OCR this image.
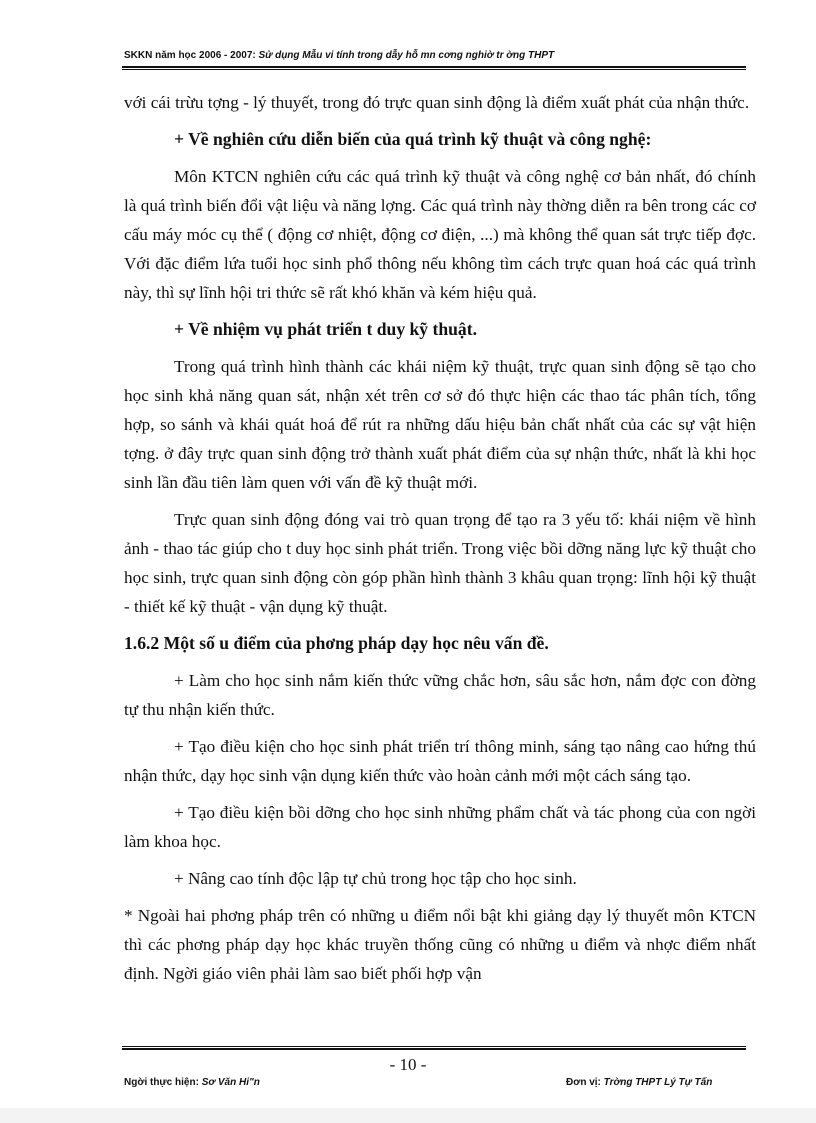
SKKN năm học 2006 - 2007: Sử dụng Mẫu vi tính trong dẫy hỗ mn cơng nghiờ tr ờng THPT

với cái trừu tợng - lý thuyết, trong đó trực quan sinh động là điểm xuất phát của nhận thức.

+ Về nghiên cứu diễn biến của quá trình kỹ thuật và công nghệ:

Môn KTCN nghiên cứu các quá trình kỹ thuật và công nghệ cơ bản nhất, đó chính là quá trình biến đổi vật liệu và năng lợng. Các quá trình này thờng diễn ra bên trong các cơ cấu máy móc cụ thể ( động cơ nhiệt, động cơ điện, ...) mà không thể quan sát trực tiếp đợc. Với đặc điểm lứa tuổi học sinh phổ thông nếu không tìm cách trực quan hoá các quá trình này, thì sự lĩnh hội tri thức sẽ rất khó khăn và kém hiệu quả.

+ Về nhiệm vụ phát triển t duy kỹ thuật.

Trong quá trình hình thành các khái niệm kỹ thuật, trực quan sinh động sẽ tạo cho học sinh khả năng quan sát, nhận xét trên cơ sở đó thực hiện các thao tác phân tích, tổng hợp, so sánh và khái quát hoá để rút ra những dấu hiệu bản chất nhất của các sự vật hiện tợng. ở đây trực quan sinh động trở thành xuất phát điểm của sự nhận thức, nhất là khi học sinh lần đầu tiên làm quen với vấn đề kỹ thuật mới.

Trực quan sinh động đóng vai trò quan trọng để tạo ra 3 yếu tố: khái niệm về hình ảnh - thao tác giúp cho t duy học sinh phát triển. Trong việc bồi dỡng năng lực kỹ thuật cho học sinh, trực quan sinh động còn góp phần hình thành 3 khâu quan trọng: lĩnh hội kỹ thuật - thiết kế kỹ thuật - vận dụng kỹ thuật.

1.6.2 Một số u điểm của phơng pháp dạy học nêu vấn đề.

+ Làm cho học sinh nắm kiến thức vững chắc hơn, sâu sắc hơn, nắm đợc con đờng tự thu nhận kiến thức.

+ Tạo điều kiện cho học sinh phát triển trí thông minh, sáng tạo nâng cao hứng thú nhận thức, dạy học sinh vận dụng kiến thức vào hoàn cảnh mới một cách sáng tạo.

+ Tạo điều kiện bồi dỡng cho học sinh những phẩm chất và tác phong của con ngời làm khoa học.

+ Nâng cao tính độc lập tự chủ trong học tập cho học sinh.

* Ngoài hai phơng pháp trên có những u điểm nổi bật khi giảng dạy lý thuyết môn KTCN thì các phơng pháp dạy học khác truyền thống cũng có những u điểm và nhợc điểm nhất định. Ngời giáo viên phải làm sao biết phối hợp vận

- 10 -
Ngời thực hiện: Sơ Văn Hi"n	Đơn vị: Trờng THPT Lý Tự Tấn
